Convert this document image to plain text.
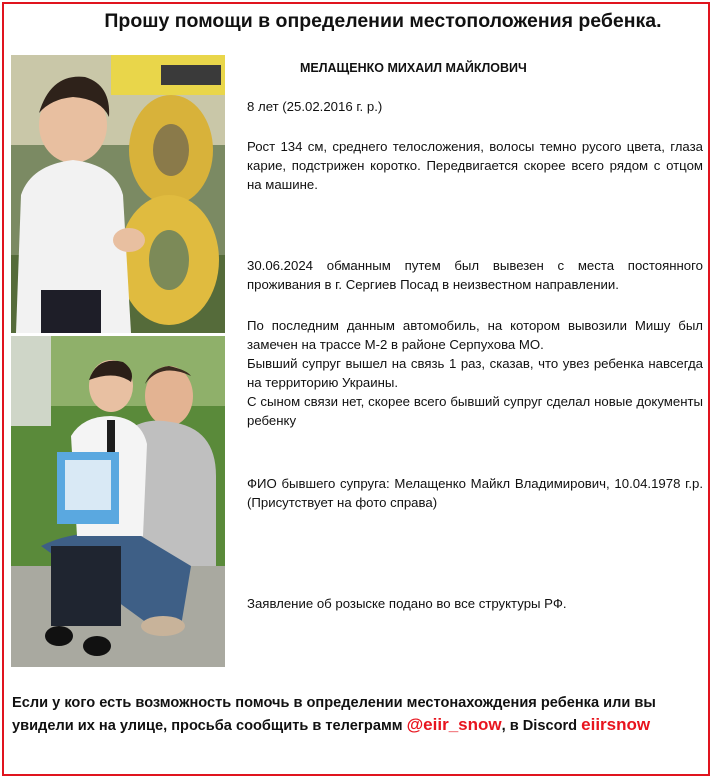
Прошу помощи в определении местоположения ребенка.
МЕЛАЩЕНКО МИХАИЛ МАЙКЛОВИЧ
8 лет (25.02.2016 г. р.)
Рост 134 см, среднего телосложения, волосы темно русого цвета, глаза карие, подстрижен коротко. Передвигается скорее всего рядом с отцом на машине.
30.06.2024 обманным путем был вывезен с места постоянного проживания в г. Сергиев Посад в неизвестном направлении.

По последним данным автомобиль, на котором вывозили Мишу был замечен на трассе М-2 в районе Серпухова МО.

Бывший супруг вышел на связь 1 раз, сказав, что увез ребенка навсегда на территорию Украины.

С сыном связи нет, скорее всего бывший супруг сделал новые документы ребенку

ФИО бывшего супруга: Мелащенко Майкл Владимирович, 10.04.1978 г.р. (Присутствует на фото справа)
Заявление об розыске подано во все структуры РФ.
Если у кого есть возможность помочь в определении местонахождения ребенка или вы увидели их на улице, просьба сообщить в телеграмм @eiir_snow, в Discord eiirsnow
